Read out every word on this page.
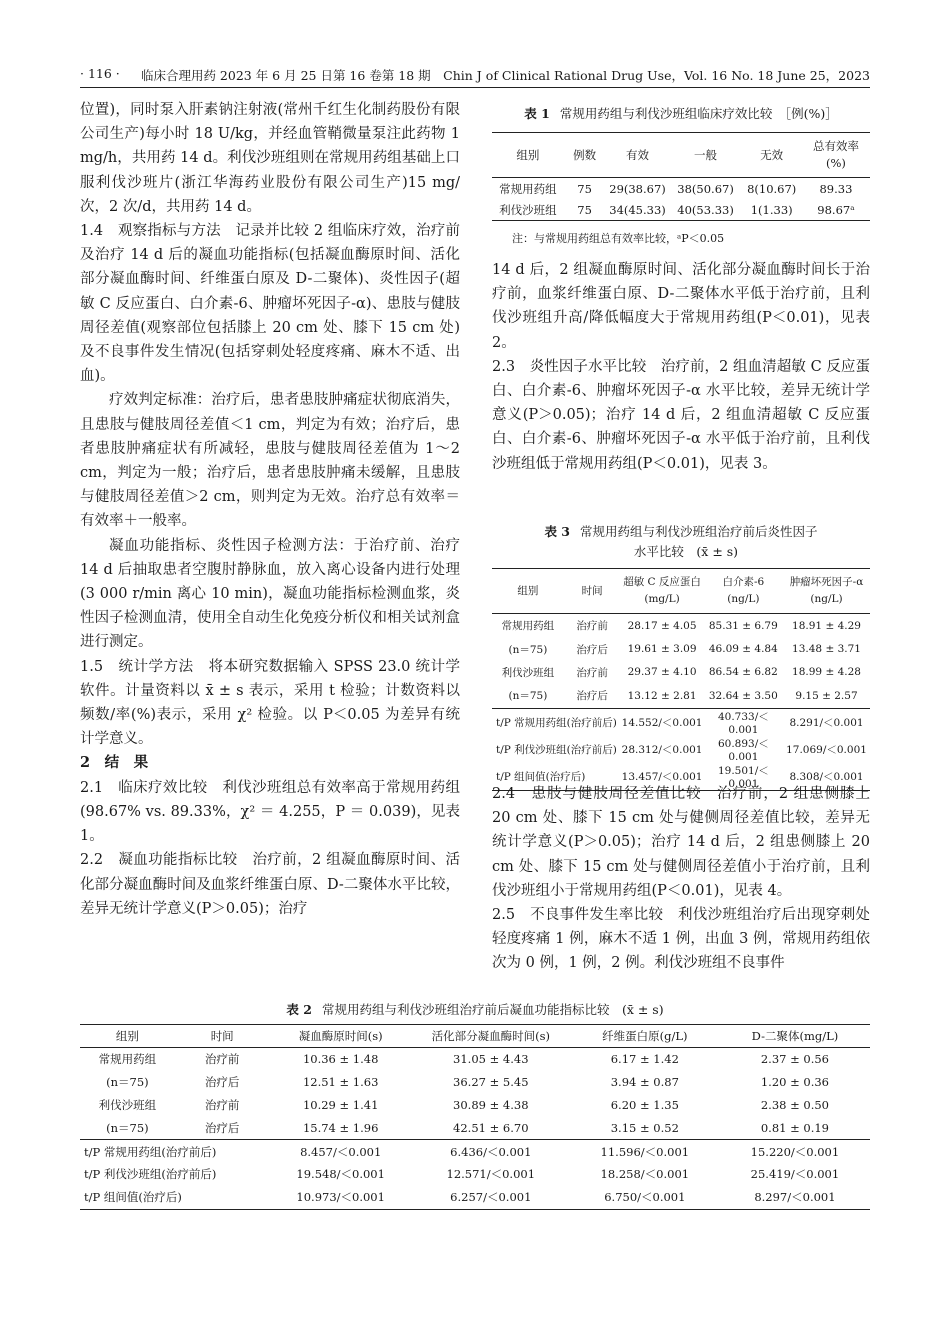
· 116 · 临床合理用药 2023 年 6 月 25 日第 16 卷第 18 期　Chin J of Clinical Rational Drug Use，Vol. 16 No. 18 June 25，2023

位置)，同时泵入肝素钠注射液(常州千红生化制药股份有限公司生产)每小时 18 U/kg，并经血管鞘微量泵注此药物 1 mg/h，共用药 14 d。利伐沙班组则在常规用药组基础上口服利伐沙班片(浙江华海药业股份有限公司生产)15 mg/次，2 次/d，共用药 14 d。

1.4　观察指标与方法　记录并比较 2 组临床疗效，治疗前及治疗 14 d 后的凝血功能指标(包括凝血酶原时间、活化部分凝血酶时间、纤维蛋白原及 D-二聚体)、炎性因子(超敏 C 反应蛋白、白介素-6、肿瘤坏死因子-α)、患肢与健肢周径差值(观察部位包括膝上 20 cm 处、膝下 15 cm 处)及不良事件发生情况(包括穿刺处轻度疼痛、麻木不适、出血)。

疗效判定标准：治疗后，患者患肢肿痛症状彻底消失，且患肢与健肢周径差值＜1 cm，判定为有效；治疗后，患者患肢肿痛症状有所减轻，患肢与健肢周径差值为 1～2 cm，判定为一般；治疗后，患者患肢肿痛未缓解，且患肢与健肢周径差值＞2 cm，则判定为无效。治疗总有效率＝有效率＋一般率。

凝血功能指标、炎性因子检测方法：于治疗前、治疗 14 d 后抽取患者空腹肘静脉血，放入离心设备内进行处理(3 000 r/min 离心 10 min)，凝血功能指标检测血浆，炎性因子检测血清，使用全自动生化免疫分析仪和相关试剂盒进行测定。

1.5　统计学方法　将本研究数据输入 SPSS 23.0 统计学软件。计量资料以 x̄ ± s 表示，采用 t 检验；计数资料以频数/率(%)表示，采用 χ² 检验。以 P＜0.05 为差异有统计学意义。

2　结　果

2.1　临床疗效比较　利伐沙班组总有效率高于常规用药组(98.67% vs. 89.33%，χ² ＝ 4.255，P ＝ 0.039)，见表 1。

2.2　凝血功能指标比较　治疗前，2 组凝血酶原时间、活化部分凝血酶时间及血浆纤维蛋白原、D-二聚体水平比较，差异无统计学意义(P＞0.05)；治疗

表 1 常规用药组与利伐沙班组临床疗效比较　［例(%)］
组别	例数	有效	一般	无效	总有效率
(%)
常规用药组	75	29(38.67)	38(50.67)	8(10.67)	89.33
利伐沙班组	75	34(45.33)	40(53.33)	1(1.33)	98.67ᵃ
注：与常规用药组总有效率比较，ᵃP＜0.05

14 d 后，2 组凝血酶原时间、活化部分凝血酶时间长于治疗前，血浆纤维蛋白原、D-二聚体水平低于治疗前，且利伐沙班组升高/降低幅度大于常规用药组(P＜0.01)，见表 2。

2.3　炎性因子水平比较　治疗前，2 组血清超敏 C 反应蛋白、白介素-6、肿瘤坏死因子-α 水平比较，差异无统计学意义(P＞0.05)；治疗 14 d 后，2 组血清超敏 C 反应蛋白、白介素-6、肿瘤坏死因子-α 水平低于治疗前，且利伐沙班组低于常规用药组(P＜0.01)，见表 3。

表 3 常规用药组与利伐沙班组治疗前后炎性因子
水平比较　(x̄ ± s)
组别	时间	超敏 C 反应蛋白
(mg/L)	白介素-6
(ng/L)	肿瘤坏死因子-α
(ng/L)
常规用药组	治疗前	28.17 ± 4.05	85.31 ± 6.79	18.91 ± 4.29
(n＝75)	治疗后	19.61 ± 3.09	46.09 ± 4.84	13.48 ± 3.71
利伐沙班组	治疗前	29.37 ± 4.10	86.54 ± 6.82	18.99 ± 4.28
(n＝75)	治疗后	13.12 ± 2.81	32.64 ± 3.50	9.15 ± 2.57
t/P 常规用药组(治疗前后)		14.552/＜0.001	40.733/＜0.001	8.291/＜0.001
t/P 利伐沙班组(治疗前后)		28.312/＜0.001	60.893/＜0.001	17.069/＜0.001
t/P 组间值(治疗后)		13.457/＜0.001	19.501/＜0.001	8.308/＜0.001

2.4　患肢与健肢周径差值比较　治疗前，2 组患侧膝上 20 cm 处、膝下 15 cm 处与健侧周径差值比较，差异无统计学意义(P＞0.05)；治疗 14 d 后，2 组患侧膝上 20 cm 处、膝下 15 cm 处与健侧周径差值小于治疗前，且利伐沙班组小于常规用药组(P＜0.01)，见表 4。

2.5　不良事件发生率比较　利伐沙班组治疗后出现穿刺处轻度疼痛 1 例，麻木不适 1 例，出血 3 例，常规用药组依次为 0 例，1 例，2 例。利伐沙班组不良事件

表 2 常规用药组与利伐沙班组治疗前后凝血功能指标比较　(x̄ ± s)
组别	时间	凝血酶原时间(s)	活化部分凝血酶时间(s)	纤维蛋白原(g/L)	D-二聚体(mg/L)
常规用药组	治疗前	10.36 ± 1.48	31.05 ± 4.43	6.17 ± 1.42	2.37 ± 0.56
(n＝75)	治疗后	12.51 ± 1.63	36.27 ± 5.45	3.94 ± 0.87	1.20 ± 0.36
利伐沙班组	治疗前	10.29 ± 1.41	30.89 ± 4.38	6.20 ± 1.35	2.38 ± 0.50
(n＝75)	治疗后	15.74 ± 1.96	42.51 ± 6.70	3.15 ± 0.52	0.81 ± 0.19
t/P 常规用药组(治疗前后)		8.457/＜0.001	6.436/＜0.001	11.596/＜0.001	15.220/＜0.001
t/P 利伐沙班组(治疗前后)		19.548/＜0.001	12.571/＜0.001	18.258/＜0.001	25.419/＜0.001
t/P 组间值(治疗后)		10.973/＜0.001	6.257/＜0.001	6.750/＜0.001	8.297/＜0.001
